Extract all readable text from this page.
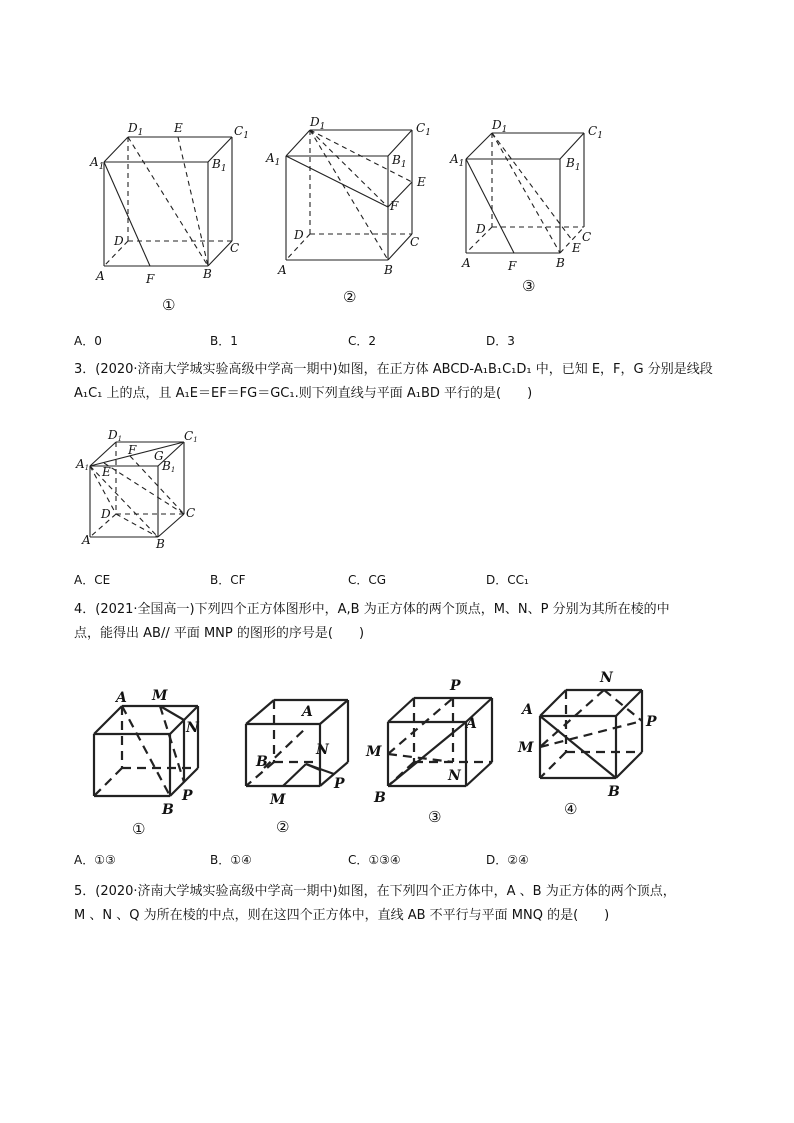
$D_1$	E	$C_1$
$A_1$	$B_1$
D	C
A	F	B
①
$D_1$	$C_1$
$A_1$	$B_1$
E
F
D	C
A	B
②
$D_1$	$C_1$
$A_1$	$B_1$
D
C
E
A	F	B
③
A．0	B．1	C．2	D．3
3．(2020·济南大学城实验高级中学高一期中)如图，在正方体 ABCD-A₁B₁C₁D₁ 中，已知 E，F，G 分别是线段
A₁C₁ 上的点，且 A₁E＝EF＝FG＝GC₁.则下列直线与平面 A₁BD 平行的是(　　)
D1	C1
A1 E
F G
B1
D	C
A	B
A．CE	B．CF	C．CG	D．CC₁
4．(2021·全国高一)下列四个正方体图形中，A,B 为正方体的两个顶点，M、N、P 分别为其所在棱的中
点，能得出 AB// 平面 MNP 的图形的序号是(　　)
A M
N
P
B
①
A
B
N
P
M
②
P
A
M
N
B
③
N
A
P
M
B
④
A．①③	B．①④	C．①③④	D．②④
5．(2020·济南大学城实验高级中学高一期中)如图，在下列四个正方体中，A 、B 为正方体的两个顶点，
M 、N 、Q 为所在棱的中点，则在这四个正方体中，直线 AB 不平行与平面 MNQ 的是(　　)
